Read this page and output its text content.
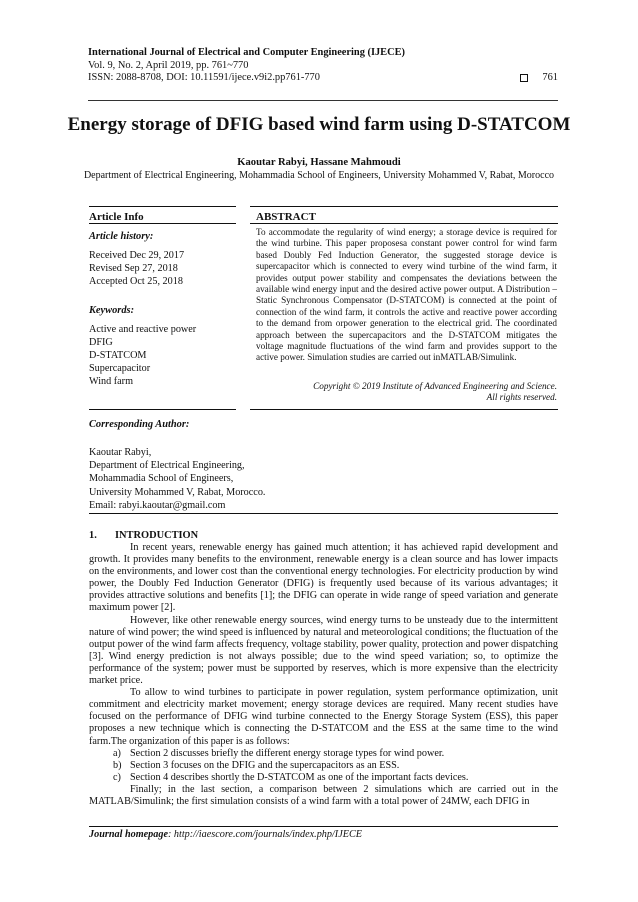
International Journal of Electrical and Computer Engineering (IJECE)
Vol. 9, No. 2, April 2019, pp. 761~770
ISSN: 2088-8708, DOI: 10.11591/ijece.v9i2.pp761-770	761
Energy storage of DFIG based wind farm using D-STATCOM
Kaoutar Rabyi, Hassane Mahmoudi
Department of Electrical Engineering, Mohammadia School of Engineers, University Mohammed V, Rabat, Morocco
Article Info	ABSTRACT
Article history:
Received Dec 29, 2017
Revised Sep 27, 2018
Accepted Oct 25, 2018
Keywords:
Active and reactive power
DFIG
D-STATCOM
Supercapacitor
Wind farm

To accommodate the regularity of wind energy; a storage device is required for the wind turbine. This paper proposesa constant power control for wind farm based Doubly Fed Induction Generator, the suggested storage device is supercapacitor which is connected to every wind turbine of the wind farm, it provides output power stability and compensates the deviations between the available wind energy input and the desired active power output. A Distribution – Static Synchronous Compensator (D-STATCOM) is connected at the point of connection of the wind farm, it controls the active and reactive power according to the demand from orpower generation to the electrical grid. The coordinated approach between the supercapacitors and the D-STATCOM mitigates the voltage magnitude fluctuations of the wind farm and provides support to the active power. Simulation studies are carried out inMATLAB/Simulink.

Copyright © 2019 Institute of Advanced Engineering and Science.
All rights reserved.
Corresponding Author:
Kaoutar Rabyi,
Department of Electrical Engineering,
Mohammadia School of Engineers,
University Mohammed V, Rabat, Morocco.
Email: rabyi.kaoutar@gmail.com
1. INTRODUCTION

In recent years, renewable energy has gained much attention; it has achieved rapid development and growth. It provides many benefits to the environment, renewable energy is a clean source and has lower impacts on the environments, and lower cost than the conventional energy technologies. For electricity production by wind power, the Doubly Fed Induction Generator (DFIG) is frequently used because of its various advantages; it provides attractive solutions and benefits [1]; the DFIG can operate in wide range of speed variation and generate maximum power [2].

However, like other renewable energy sources, wind energy turns to be unsteady due to the intermittent nature of wind power; the wind speed is influenced by natural and meteorological conditions; the fluctuation of the output power of the wind farm affects frequency, voltage stability, power quality, protection and power dispatching [3]. Wind energy prediction is not always possible; due to the wind speed variation; so, to optimize the performance of the system; power must be supported by reserves, which is more expensive than the electricity market price.

To allow to wind turbines to participate in power regulation, system performance optimization, unit commitment and electricity market movement; energy storage devices are required. Many recent studies have focused on the performance of DFIG wind turbine connected to the Energy Storage System (ESS), this paper proposes a new technique which is connecting the D-STATCOM and the ESS at the same time to the wind farm.The organization of this paper is as follows:

a) Section 2 discusses briefly the different energy storage types for wind power.
b) Section 3 focuses on the DFIG and the supercapacitors as an ESS.
c) Section 4 describes shortly the D-STATCOM as one of the important facts devices.

Finally; in the last section, a comparison between 2 simulations which are carried out in the MATLAB/Simulink; the first simulation consists of a wind farm with a total power of 24MW, each DFIG in

Journal homepage: http://iaescore.com/journals/index.php/IJECE
